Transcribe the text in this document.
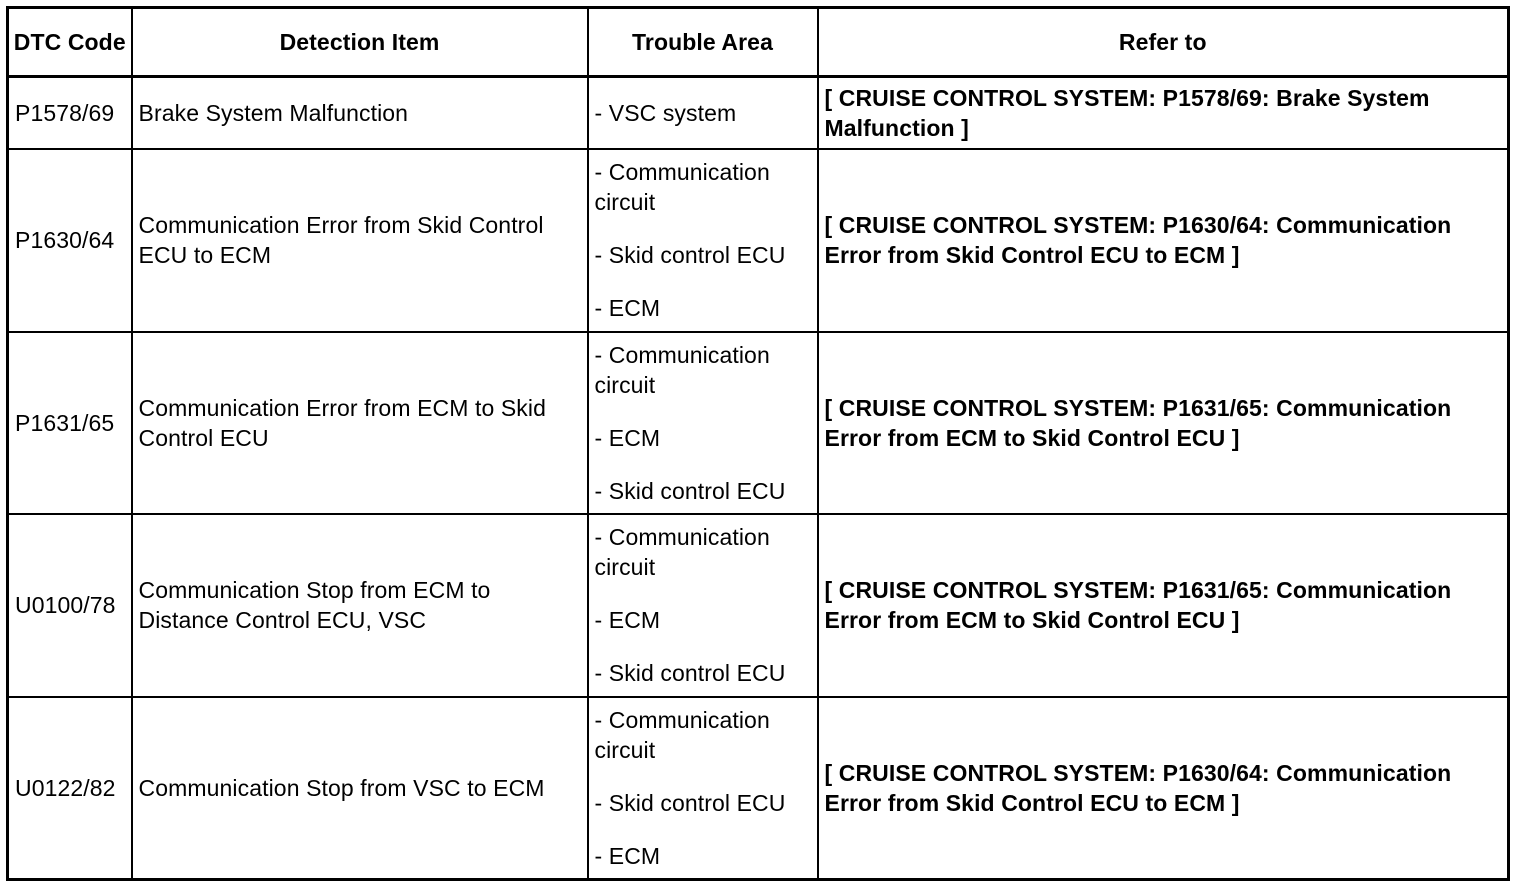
DTC Code	Detection Item	Trouble Area	Refer to
P1578/69	Brake System Malfunction	- VSC system	[ CRUISE CONTROL SYSTEM: P1578/69: Brake System Malfunction ]
P1630/64	Communication Error from Skid Control ECU to ECM	- Communication circuit
- Skid control ECU
- ECM	[ CRUISE CONTROL SYSTEM: P1630/64: Communication Error from Skid Control ECU to ECM ]
P1631/65	Communication Error from ECM to Skid Control ECU	- Communication circuit
- ECM
- Skid control ECU	[ CRUISE CONTROL SYSTEM: P1631/65: Communication Error from ECM to Skid Control ECU ]
U0100/78	Communication Stop from ECM to Distance Control ECU, VSC	- Communication circuit
- ECM
- Skid control ECU	[ CRUISE CONTROL SYSTEM: P1631/65: Communication Error from ECM to Skid Control ECU ]
U0122/82	Communication Stop from VSC to ECM	- Communication circuit
- Skid control ECU
- ECM	[ CRUISE CONTROL SYSTEM: P1630/64: Communication Error from Skid Control ECU to ECM ]
